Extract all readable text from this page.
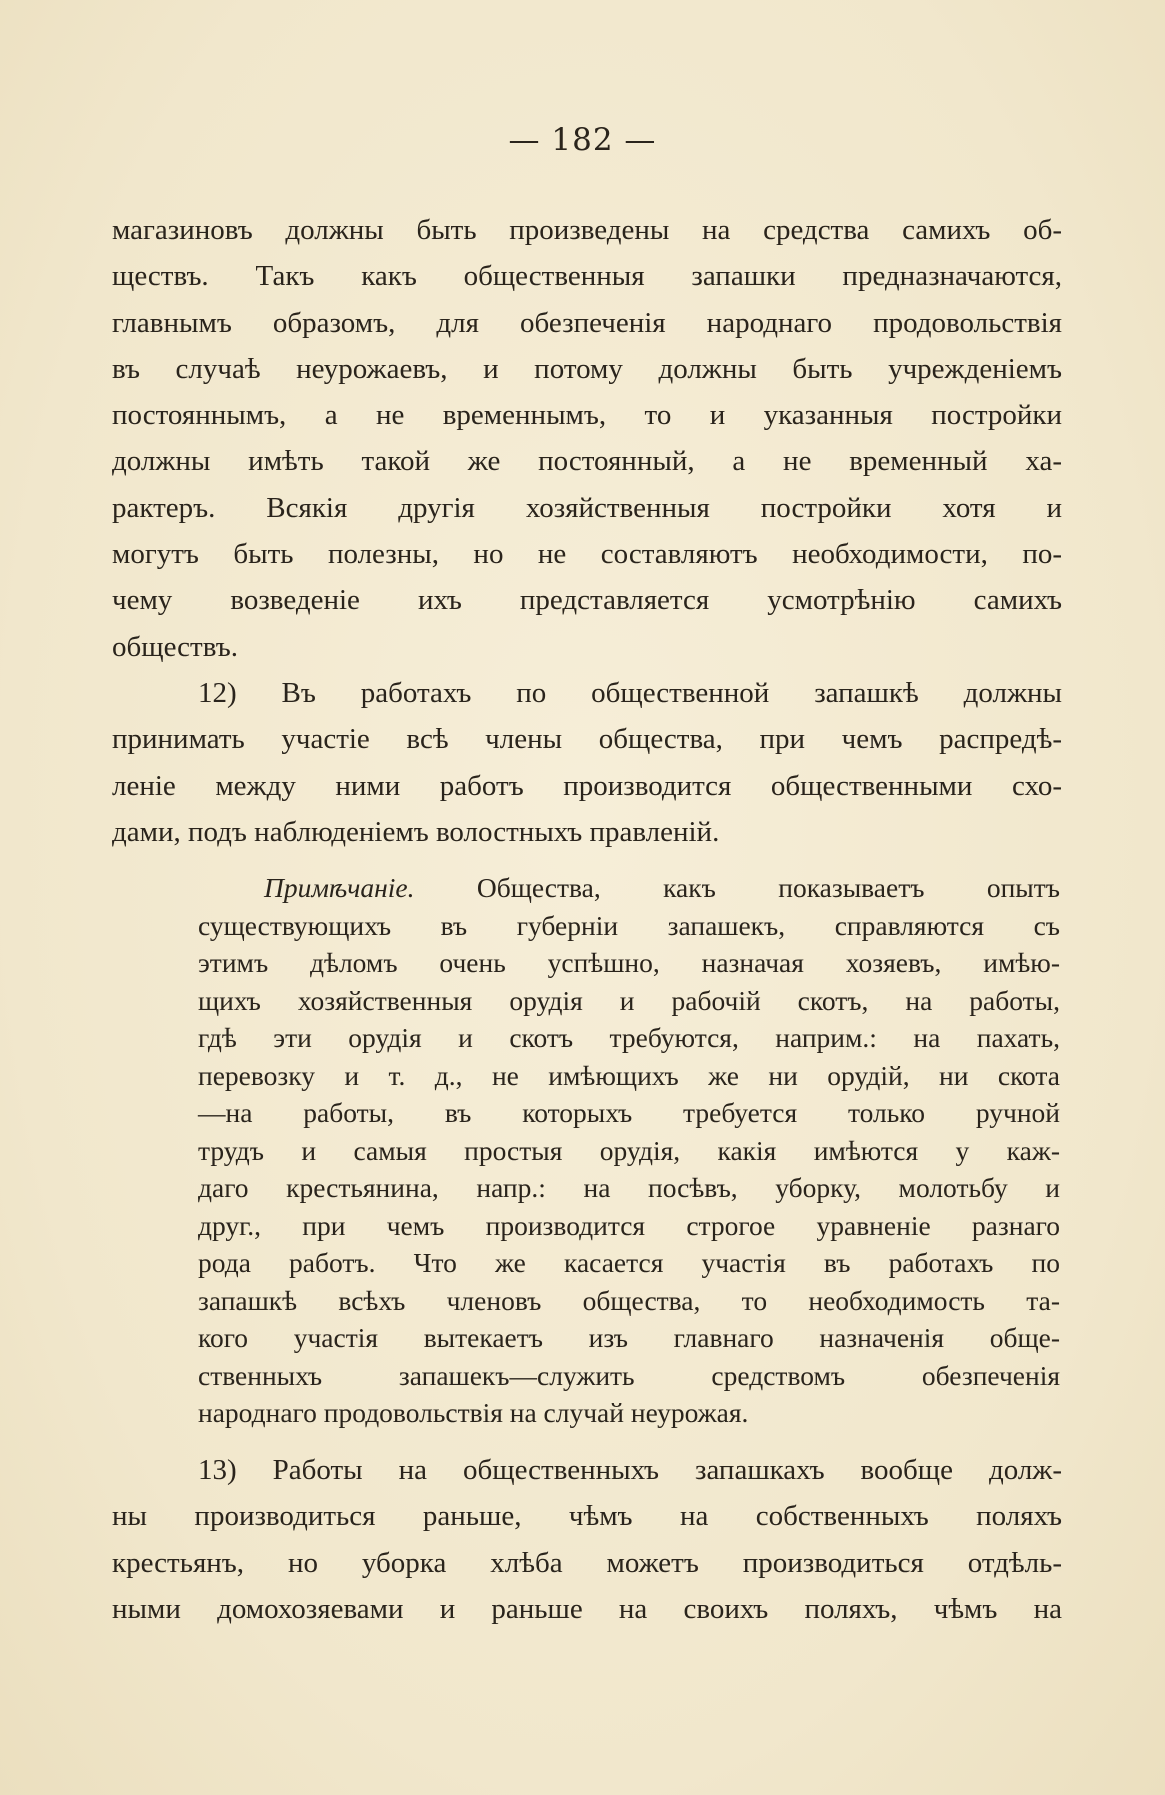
— 182 —
магазиновъ должны быть произведены на средства самихъ об-
ществъ. Такъ какъ общественныя запашки предназначаются,
главнымъ образомъ, для обезпеченія народнаго продовольствія
въ случаѣ неурожаевъ, и потому должны быть учрежденіемъ
постояннымъ, а не временнымъ, то и указанныя постройки
должны имѣть такой же постоянный, а не временный ха-
рактеръ. Всякія другія хозяйственныя постройки хотя и
могутъ быть полезны, но не составляютъ необходимости, по-
чему возведеніе ихъ представляется усмотрѣнію самихъ
обществъ.
12) Въ работахъ по общественной запашкѣ должны
принимать участіе всѣ члены общества, при чемъ распредѣ-
леніе между ними работъ производится общественными схо-
дами, подъ наблюденіемъ волостныхъ правленій.
Примѣчаніе. Общества, какъ показываетъ опытъ
существующихъ въ губерніи запашекъ, справляются съ
этимъ дѣломъ очень успѣшно, назначая хозяевъ, имѣю-
щихъ хозяйственныя орудія и рабочій скотъ, на работы,
гдѣ эти орудія и скотъ требуются, наприм.: на пахать,
перевозку и т. д., не имѣющихъ же ни орудій, ни скота
—на работы, въ которыхъ требуется только ручной
трудъ и самыя простыя орудія, какія имѣются у каж-
даго крестьянина, напр.: на посѣвъ, уборку, молотьбу и
друг., при чемъ производится строгое уравненіе разнаго
рода работъ. Что же касается участія въ работахъ по
запашкѣ всѣхъ членовъ общества, то необходимость та-
кого участія вытекаетъ изъ главнаго назначенія обще-
ственныхъ запашекъ—служить средствомъ обезпеченія
народнаго продовольствія на случай неурожая.
13) Работы на общественныхъ запашкахъ вообще долж-
ны производиться раньше, чѣмъ на собственныхъ поляхъ
крестьянъ, но уборка хлѣба можетъ производиться отдѣль-
ными домохозяевами и раньше на своихъ поляхъ, чѣмъ на
